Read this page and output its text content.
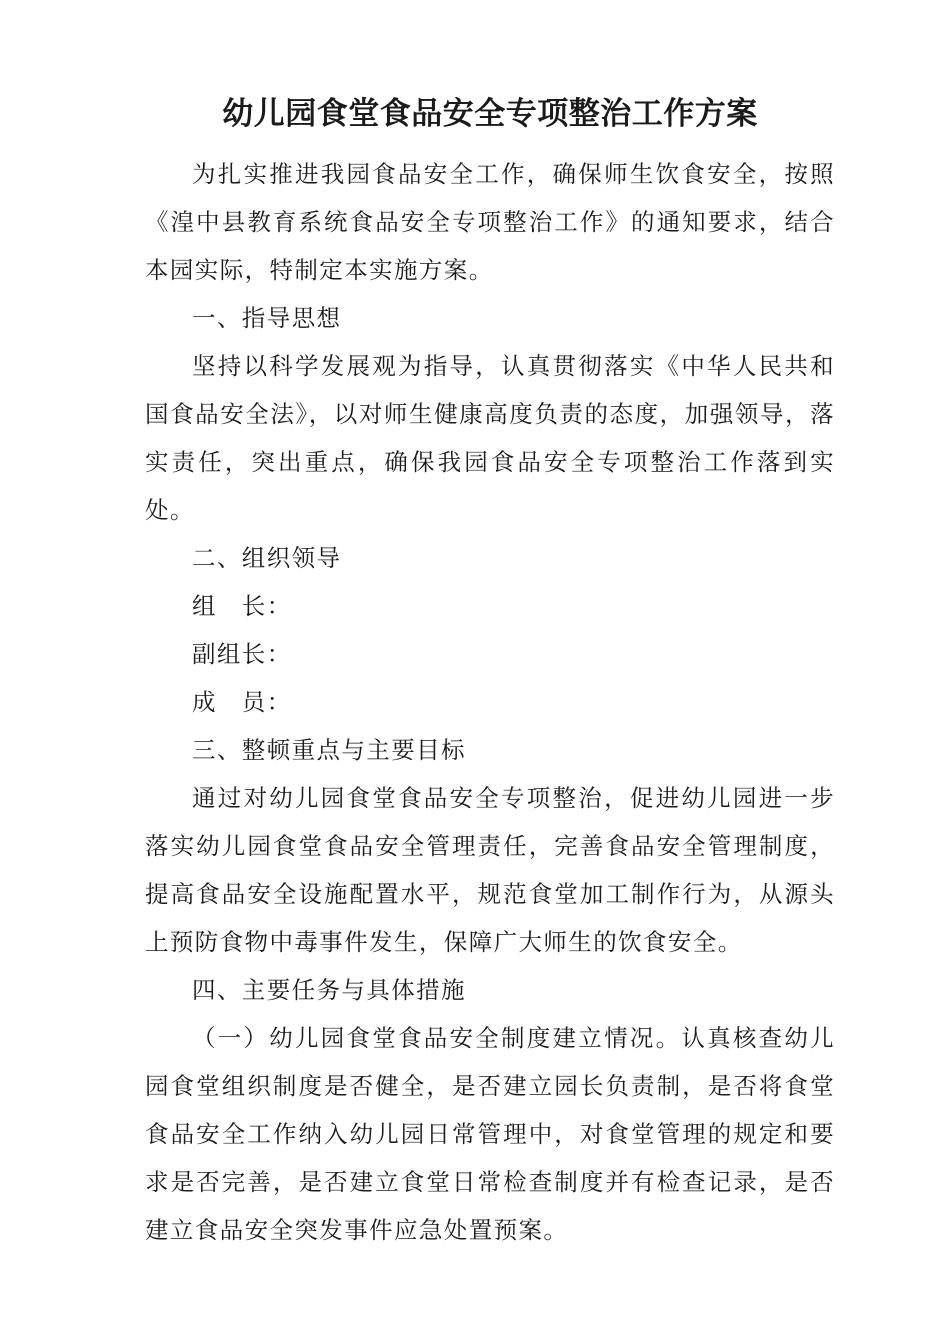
幼儿园食堂食品安全专项整治工作方案

为扎实推进我园食品安全工作，确保师生饮食安全，按照《湟中县教育系统食品安全专项整治工作》的通知要求，结合本园实际，特制定本实施方案。

一、指导思想

坚持以科学发展观为指导，认真贯彻落实《中华人民共和国食品安全法》，以对师生健康高度负责的态度，加强领导，落实责任，突出重点，确保我园食品安全专项整治工作落到实处。

二、组织领导

组　长：

副组长：

成　员：

三、整顿重点与主要目标

通过对幼儿园食堂食品安全专项整治，促进幼儿园进一步落实幼儿园食堂食品安全管理责任，完善食品安全管理制度，提高食品安全设施配置水平，规范食堂加工制作行为，从源头上预防食物中毒事件发生，保障广大师生的饮食安全。

四、主要任务与具体措施

（一）幼儿园食堂食品安全制度建立情况。认真核查幼儿园食堂组织制度是否健全，是否建立园长负责制，是否将食堂食品安全工作纳入幼儿园日常管理中，对食堂管理的规定和要求是否完善，是否建立食堂日常检查制度并有检查记录，是否建立食品安全突发事件应急处置预案。
